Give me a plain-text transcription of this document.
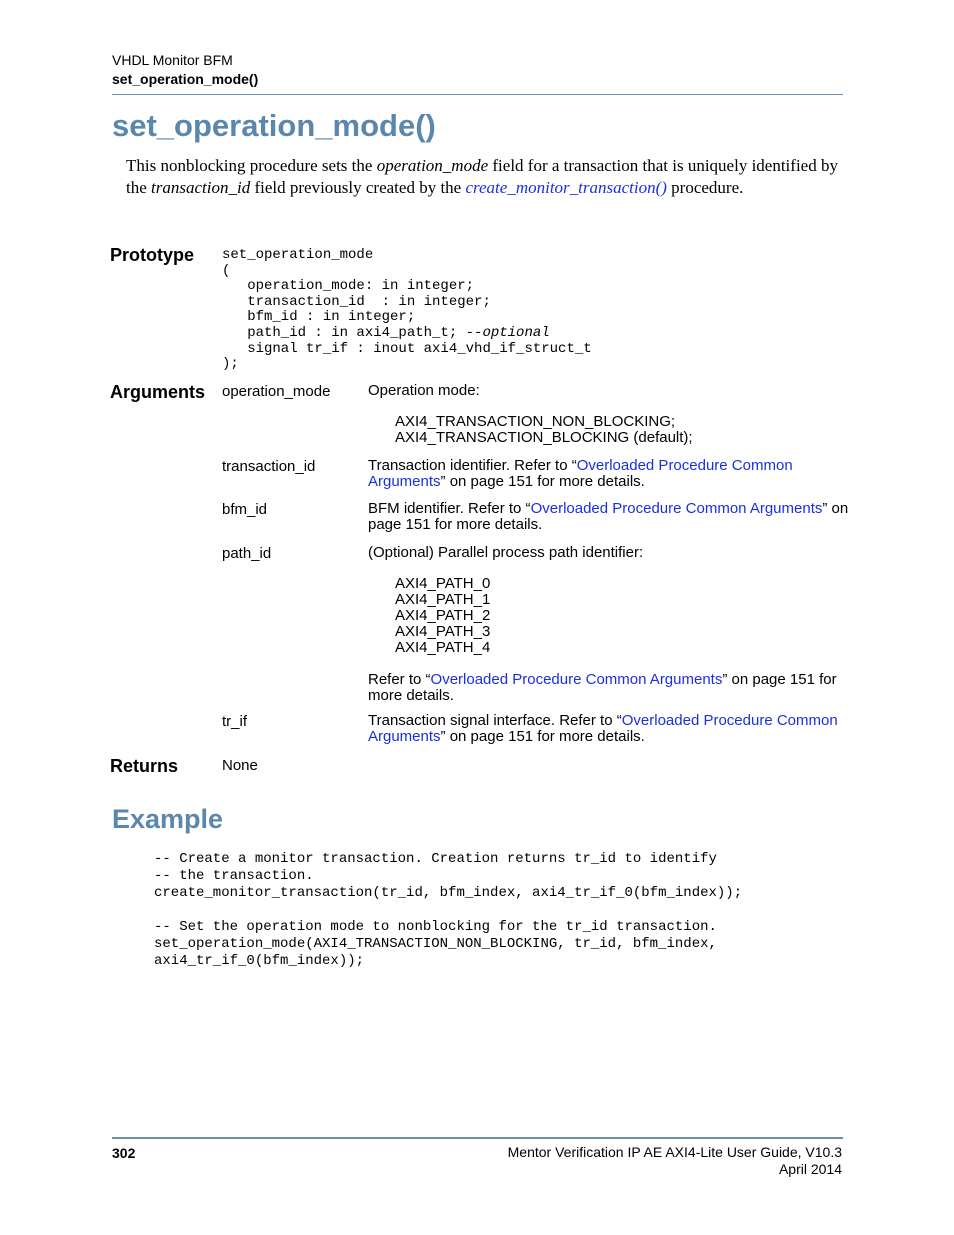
VHDL Monitor BFM
set_operation_mode()
set_operation_mode()
This nonblocking procedure sets the operation_mode field for a transaction that is uniquely identified by the transaction_id field previously created by the create_monitor_transaction() procedure.
Prototype set_operation_mode
(
operation_mode: in integer;
transaction_id  : in integer;
bfm_id : in integer;
path_id : in axi4_path_t; --optional
signal tr_if : inout axi4_vhd_if_struct_t
);
Arguments operation_mode	Operation mode:
AXI4_TRANSACTION_NON_BLOCKING;
AXI4_TRANSACTION_BLOCKING (default);
transaction_id	Transaction identifier. Refer to “Overloaded Procedure Common Arguments” on page 151 for more details.
bfm_id	BFM identifier. Refer to “Overloaded Procedure Common Arguments” on page 151 for more details.
path_id	(Optional) Parallel process path identifier:
AXI4_PATH_0
AXI4_PATH_1
AXI4_PATH_2
AXI4_PATH_3
AXI4_PATH_4
Refer to “Overloaded Procedure Common Arguments” on page 151 for more details.
tr_if	Transaction signal interface. Refer to “Overloaded Procedure Common Arguments” on page 151 for more details.
Returns	None
Example
-- Create a monitor transaction. Creation returns tr_id to identify
-- the transaction.
create_monitor_transaction(tr_id, bfm_index, axi4_tr_if_0(bfm_index));

-- Set the operation mode to nonblocking for the tr_id transaction.
set_operation_mode(AXI4_TRANSACTION_NON_BLOCKING, tr_id, bfm_index,
axi4_tr_if_0(bfm_index));
302	Mentor Verification IP AE AXI4-Lite User Guide, V10.3
April 2014
